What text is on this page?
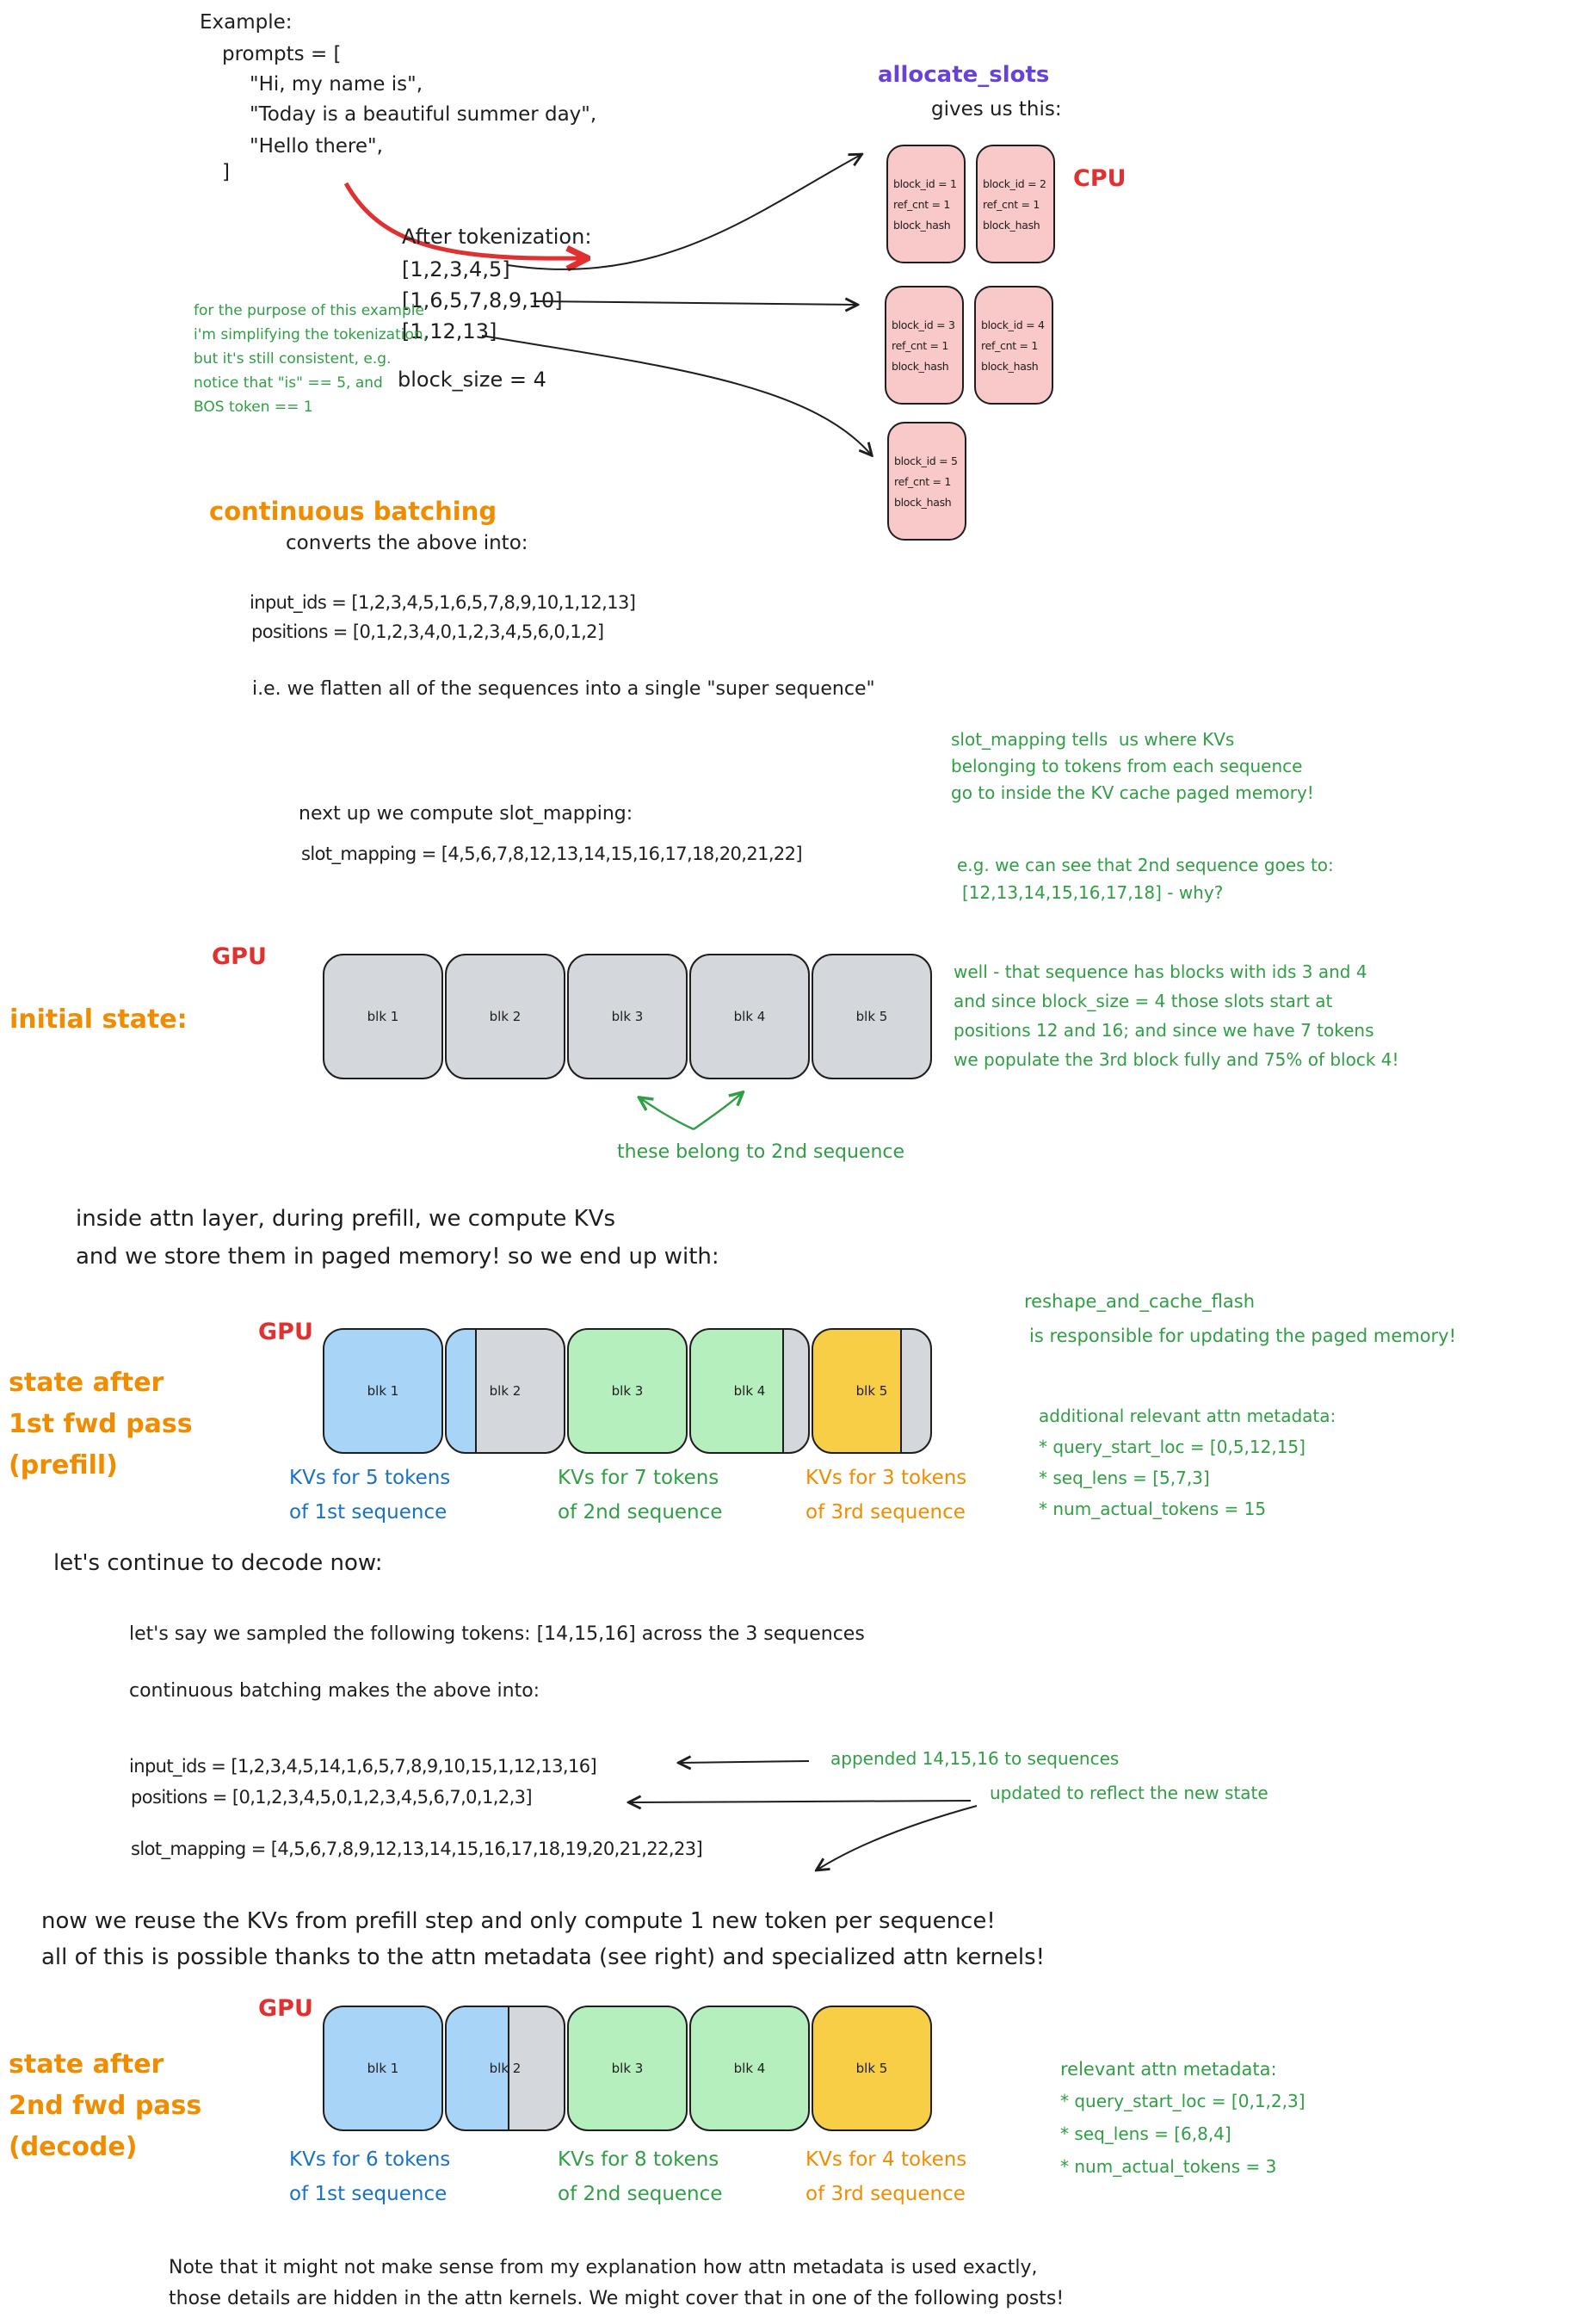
Example:
prompts = [
"Hi, my name is",
"Today is a beautiful summer day",
"Hello there",
]
allocate_slots
gives us this:
CPU
block_id = 1
ref_cnt = 1
block_hash
block_id = 2
ref_cnt = 1
block_hash
block_id = 3
ref_cnt = 1
block_hash
block_id = 4
ref_cnt = 1
block_hash
block_id = 5
ref_cnt = 1
block_hash
After tokenization:
[1,2,3,4,5]
[1,6,5,7,8,9,10]
[1,12,13]
block_size = 4
for the purpose of this example
i'm simplifying the tokenization,
but it's still consistent, e.g.
notice that "is" == 5, and
BOS token == 1
continuous batching
converts the above into:
input_ids = [1,2,3,4,5,1,6,5,7,8,9,10,1,12,13]
positions = [0,1,2,3,4,0,1,2,3,4,5,6,0,1,2]
i.e. we flatten all of the sequences into a single "super sequence"
slot_mapping tells  us where KVs
belonging to tokens from each sequence
go to inside the KV cache paged memory!
next up we compute slot_mapping:
slot_mapping = [4,5,6,7,8,12,13,14,15,16,17,18,20,21,22]
e.g. we can see that 2nd sequence goes to:
[12,13,14,15,16,17,18] - why?
GPU
initial state:	blk 1	blk 2	blk 3	blk 4	blk 5
these belong to 2nd sequence
well - that sequence has blocks with ids 3 and 4
and since block_size = 4 those slots start at
positions 12 and 16; and since we have 7 tokens
we populate the 3rd block fully and 75% of block 4!
inside attn layer, during prefill, we compute KVs
and we store them in paged memory! so we end up with:
GPU
state after
1st fwd pass
(prefill)
blk 1	blk 2	blk 3	blk 4	blk 5
KVs for 5 tokens
of 1st sequence
KVs for 7 tokens
of 2nd sequence
KVs for 3 tokens
of 3rd sequence
reshape_and_cache_flash
is responsible for updating the paged memory!
additional relevant attn metadata:
* query_start_loc = [0,5,12,15]
* seq_lens = [5,7,3]
* num_actual_tokens = 15
let's continue to decode now:
let's say we sampled the following tokens: [14,15,16] across the 3 sequences
continuous batching makes the above into:
input_ids = [1,2,3,4,5,14,1,6,5,7,8,9,10,15,1,12,13,16]
positions = [0,1,2,3,4,5,0,1,2,3,4,5,6,7,0,1,2,3]
slot_mapping = [4,5,6,7,8,9,12,13,14,15,16,17,18,19,20,21,22,23]
appended 14,15,16 to sequences
updated to reflect the new state
now we reuse the KVs from prefill step and only compute 1 new token per sequence!
all of this is possible thanks to the attn metadata (see right) and specialized attn kernels!
GPU
state after
2nd fwd pass
(decode)
blk 1	blk 2	blk 3	blk 4	blk 5
KVs for 6 tokens
of 1st sequence
KVs for 8 tokens
of 2nd sequence
KVs for 4 tokens
of 3rd sequence
relevant attn metadata:
* query_start_loc = [0,1,2,3]
* seq_lens = [6,8,4]
* num_actual_tokens = 3
Note that it might not make sense from my explanation how attn metadata is used exactly,
those details are hidden in the attn kernels. We might cover that in one of the following posts!
